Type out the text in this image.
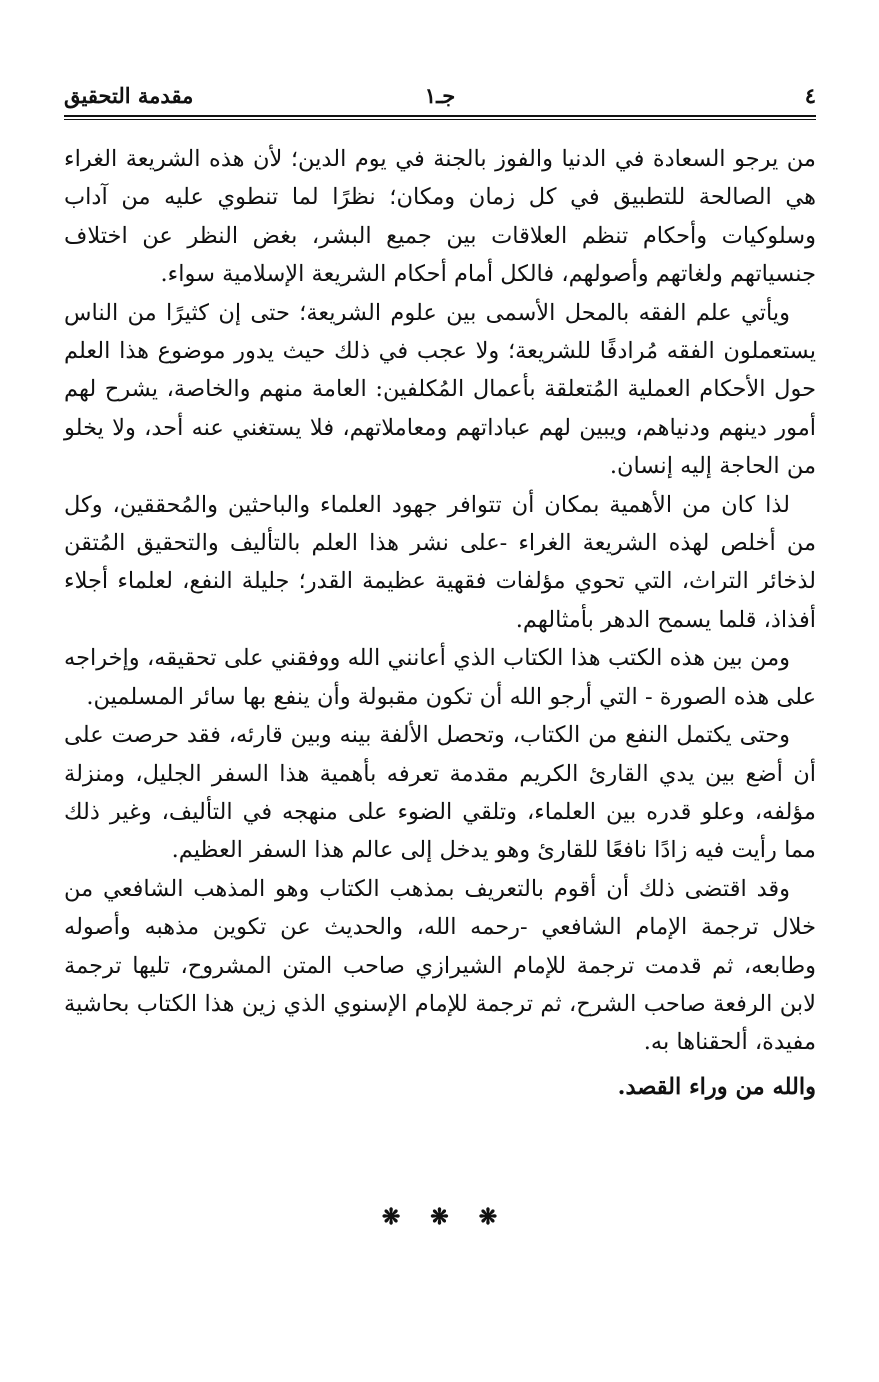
٤
جـ١
مقدمة التحقيق

من يرجو السعادة في الدنيا والفوز بالجنة في يوم الدين؛ لأن هذه الشريعة الغراء هي الصالحة للتطبيق في كل زمان ومكان؛ نظرًا لما تنطوي عليه من آداب وسلوكيات وأحكام تنظم العلاقات بين جميع البشر، بغض النظر عن اختلاف جنسياتهم ولغاتهم وأصولهم، فالكل أمام أحكام الشريعة الإسلامية سواء.

ويأتي علم الفقه بالمحل الأسمى بين علوم الشريعة؛ حتى إن كثيرًا من الناس يستعملون الفقه مُرادفًا للشريعة؛ ولا عجب في ذلك حيث يدور موضوع هذا العلم حول الأحكام العملية المُتعلقة بأعمال المُكلفين: العامة منهم والخاصة، يشرح لهم أمور دينهم ودنياهم، ويبين لهم عباداتهم ومعاملاتهم، فلا يستغني عنه أحد، ولا يخلو من الحاجة إليه إنسان.

لذا كان من الأهمية بمكان أن تتوافر جهود العلماء والباحثين والمُحققين، وكل من أخلص لهذه الشريعة الغراء -على نشر هذا العلم بالتأليف والتحقيق المُتقن لذخائر التراث، التي تحوي مؤلفات فقهية عظيمة القدر؛ جليلة النفع، لعلماء أجلاء أفذاذ، قلما يسمح الدهر بأمثالهم.

ومن بين هذه الكتب هذا الكتاب الذي أعانني الله ووفقني على تحقيقه، وإخراجه على هذه الصورة - التي أرجو الله أن تكون مقبولة وأن ينفع بها سائر المسلمين.

وحتى يكتمل النفع من الكتاب، وتحصل الألفة بينه وبين قارئه، فقد حرصت على أن أضع بين يدي القارئ الكريم مقدمة تعرفه بأهمية هذا السفر الجليل، ومنزلة مؤلفه، وعلو قدره بين العلماء، وتلقي الضوء على منهجه في التأليف، وغير ذلك مما رأيت فيه زادًا نافعًا للقارئ وهو يدخل إلى عالم هذا السفر العظيم.

وقد اقتضى ذلك أن أقوم بالتعريف بمذهب الكتاب وهو المذهب الشافعي من خلال ترجمة الإمام الشافعي -رحمه الله، والحديث عن تكوين مذهبه وأصوله وطابعه، ثم قدمت ترجمة للإمام الشيرازي صاحب المتن المشروح، تليها ترجمة لابن الرفعة صاحب الشرح، ثم ترجمة للإمام الإسنوي الذي زين هذا الكتاب بحاشية مفيدة، ألحقناها به.

والله من وراء القصد.

❋
❋
❋
